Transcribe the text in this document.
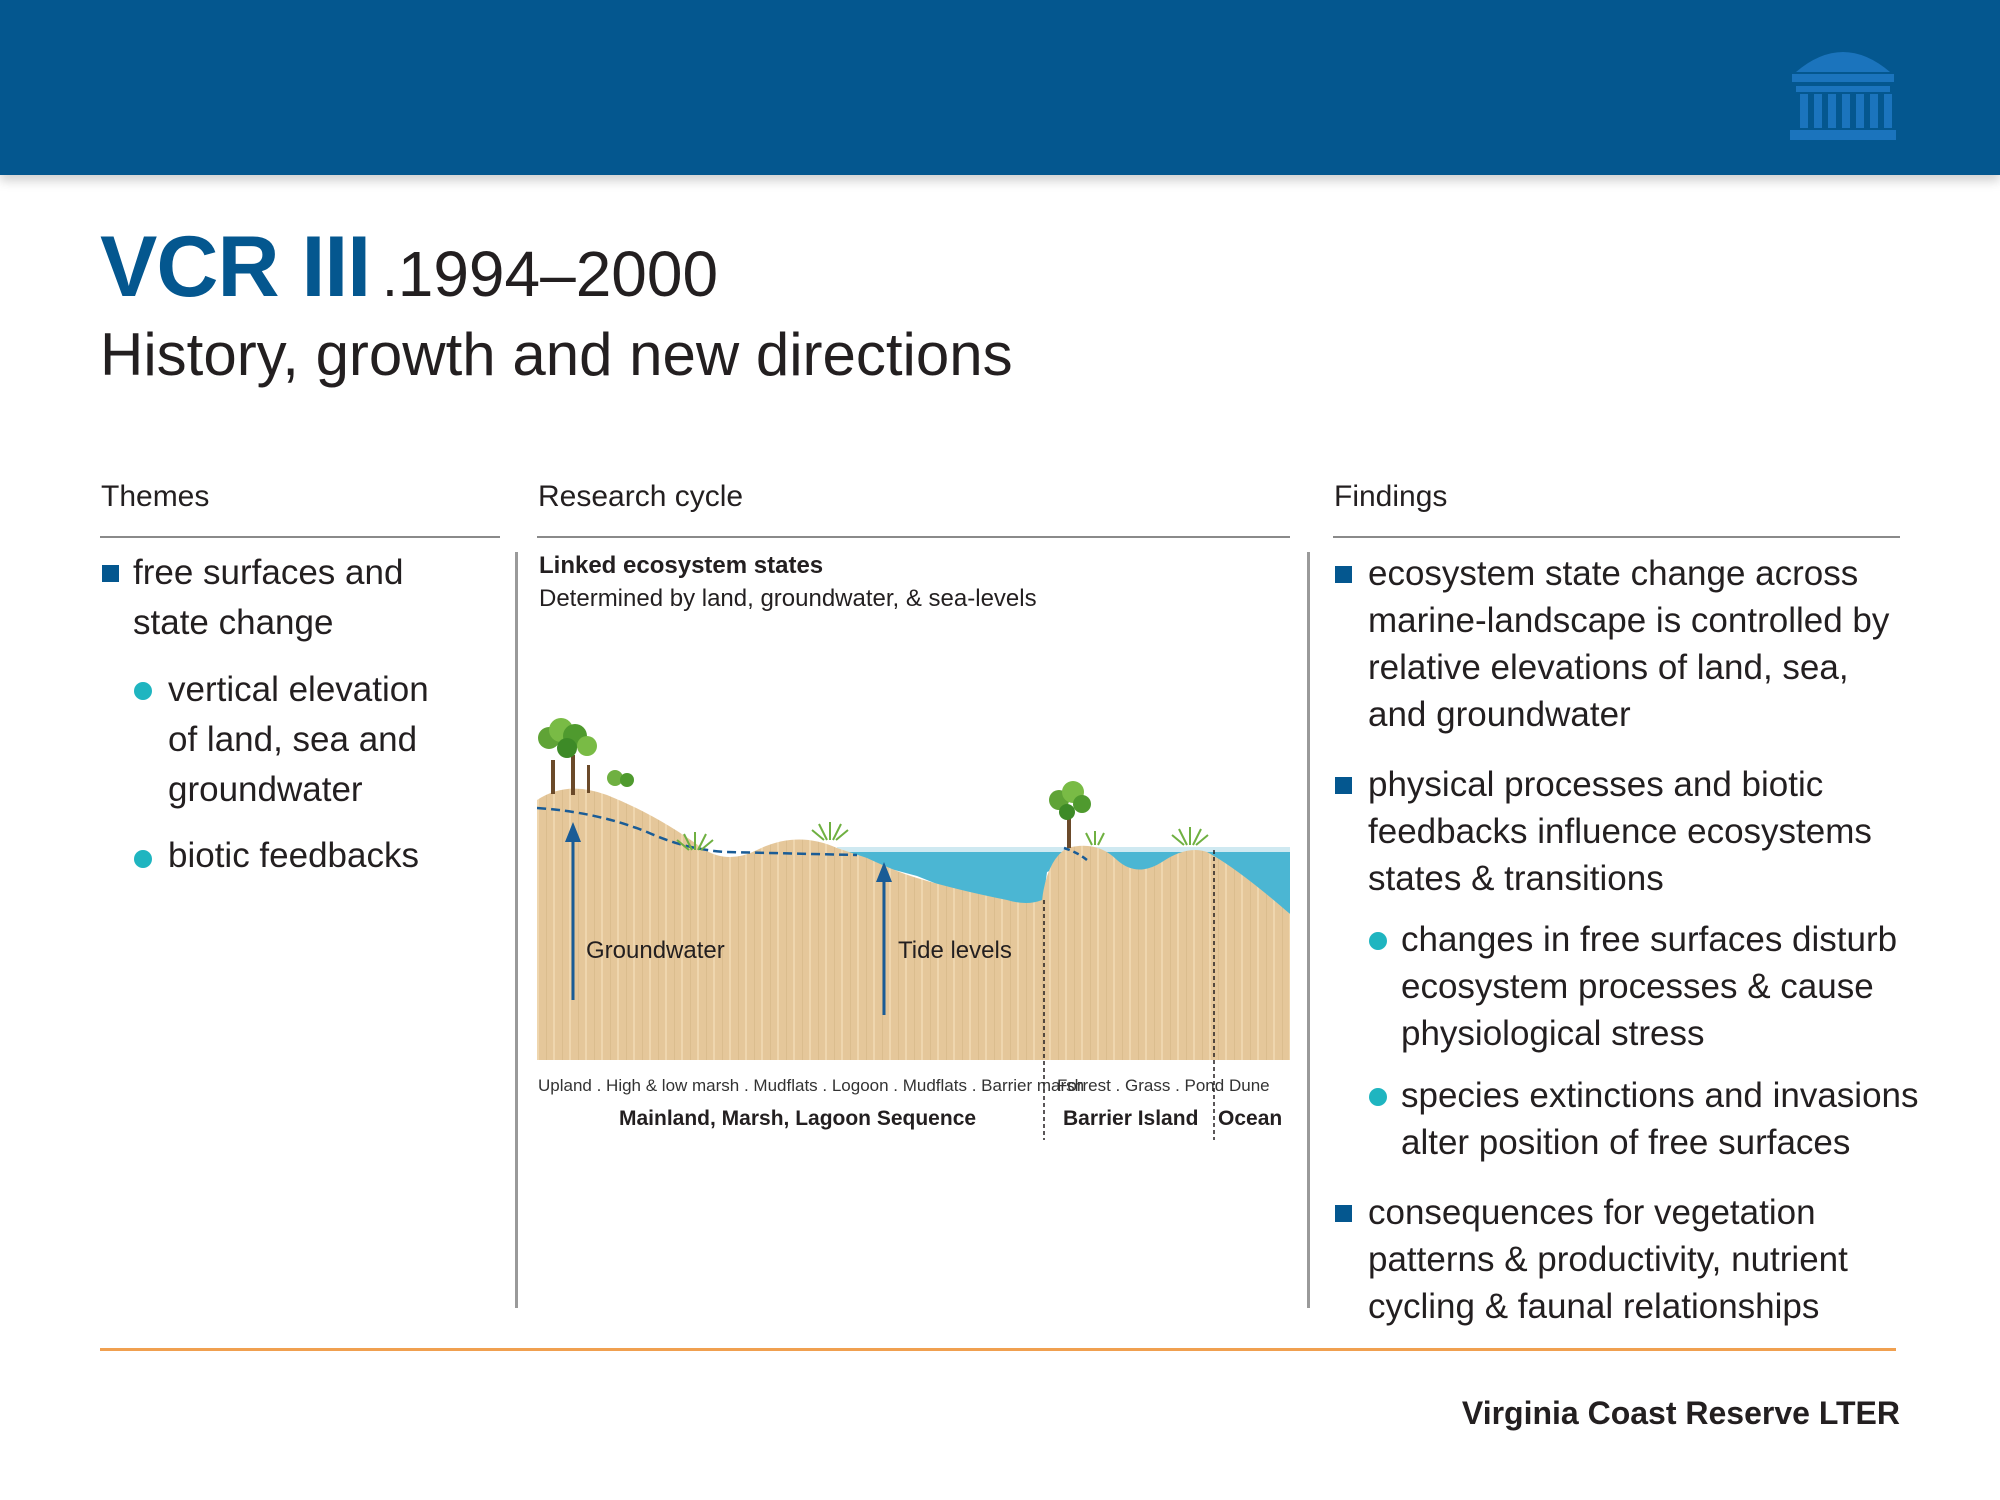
VCR III .1994–2000
History, growth and new directions
Themes	Research cycle	Findings
free surfaces and
state change
vertical elevation
of land, sea and
groundwater
biotic feedbacks
Linked ecosystem states
Determined by land, groundwater, & sea-levels
Groundwater	Tide levels
Upland . High & low marsh . Mudflats . Logoon . Mudflats . Barrier marsh
Mainland, Marsh, Lagoon Sequence
Forrest . Grass . Pond
Barrier Island
Dune
Ocean
ecosystem state change across
marine-landscape is controlled by
relative elevations of land, sea,
and groundwater
physical processes and biotic
feedbacks influence ecosystems
states & transitions
changes in free surfaces disturb
ecosystem processes & cause
physiological stress
species extinctions and invasions
alter position of free surfaces
consequences for vegetation
patterns & productivity, nutrient
cycling & faunal relationships
Virginia Coast Reserve LTER
